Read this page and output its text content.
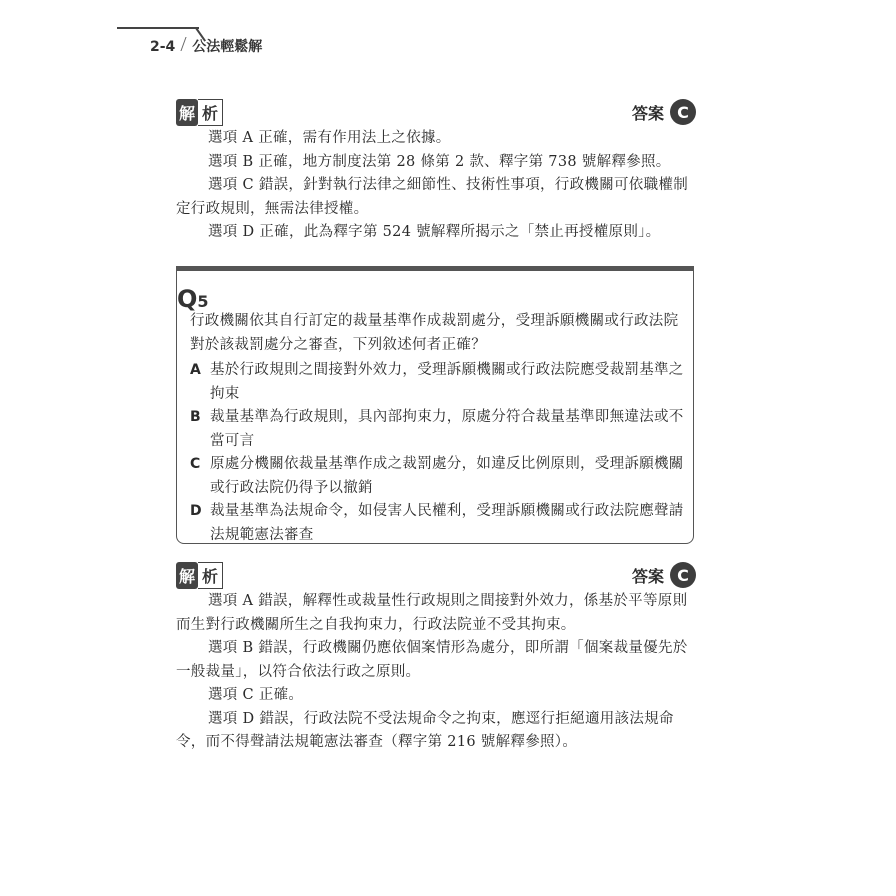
2-4 公法輕鬆解
解 析	答案 C

選項 A 正確，需有作用法上之依據。

選項 B 正確，地方制度法第 28 條第 2 款、釋字第 738 號解釋參照。

選項 C 錯誤，針對執行法律之細節性、技術性事項，行政機關可依職權制定行政規則，無需法律授權。

選項 D 正確，此為釋字第 524 號解釋所揭示之「禁止再授權原則」。

Q5

行政機關依其自行訂定的裁量基準作成裁罰處分，受理訴願機關或行政法院對於該裁罰處分之審查，下列敘述何者正確？

A 基於行政規則之間接對外效力，受理訴願機關或行政法院應受裁罰基準之拘束

B 裁量基準為行政規則，具內部拘束力，原處分符合裁量基準即無違法或不當可言

C 原處分機關依裁量基準作成之裁罰處分，如違反比例原則，受理訴願機關或行政法院仍得予以撤銷

D 裁量基準為法規命令，如侵害人民權利，受理訴願機關或行政法院應聲請法規範憲法審查

解 析	答案 C

選項 A 錯誤，解釋性或裁量性行政規則之間接對外效力，係基於平等原則而生對行政機關所生之自我拘束力，行政法院並不受其拘束。

選項 B 錯誤，行政機關仍應依個案情形為處分，即所謂「個案裁量優先於一般裁量」，以符合依法行政之原則。

選項 C 正確。

選項 D 錯誤，行政法院不受法規命令之拘束，應逕行拒絕適用該法規命令，而不得聲請法規範憲法審查（釋字第 216 號解釋參照）。
